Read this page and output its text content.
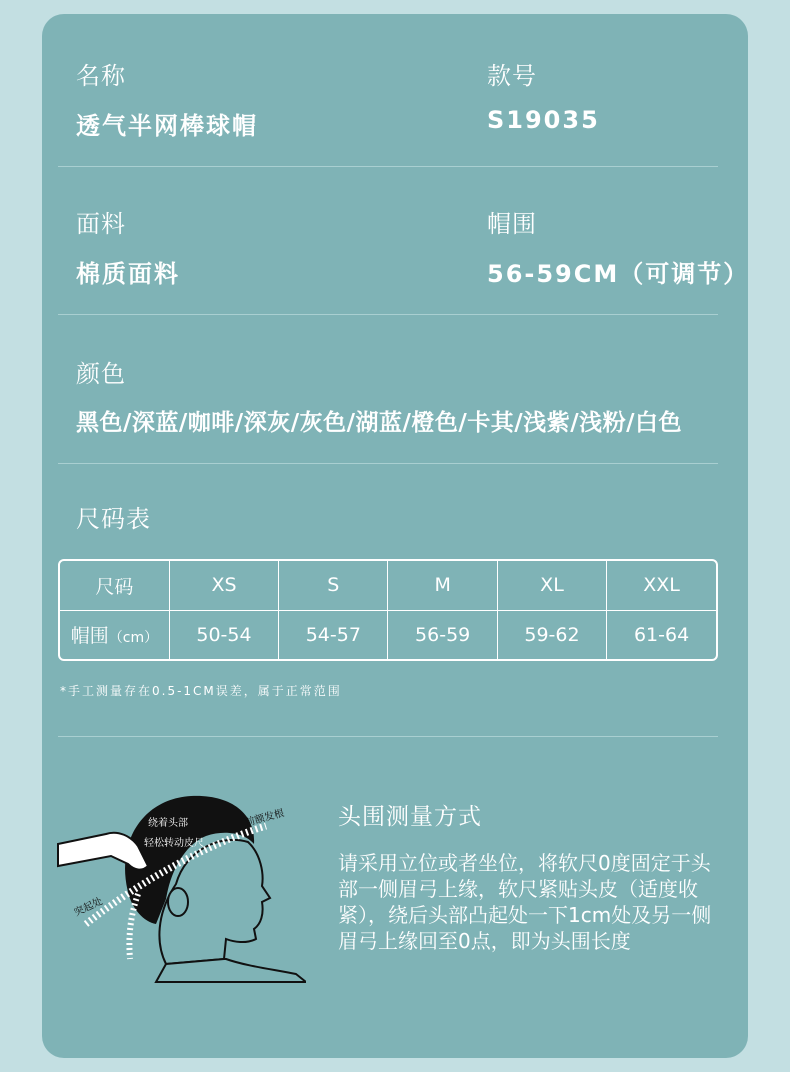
名称
透气半网棒球帽
款号
S19035
面料
棉质面料
帽围
56-59CM（可调节）
颜色
黑色/深蓝/咖啡/深灰/灰色/湖蓝/橙色/卡其/浅紫/浅粉/白色
尺码表
尺码	XS	S	M	XL	XXL
帽围（cm）	50-54	54-57	56-59	59-62	61-64
*手工测量存在0.5-1CM误差，属于正常范围
绕着头部
轻松转动皮尺
前额发根
突起处
头围测量方式
请采用立位或者坐位，将软尺0度固定于头部一侧眉弓上缘，软尺紧贴头皮（适度收紧），绕后头部凸起处一下1cm处及另一侧眉弓上缘回至0点，即为头围长度
